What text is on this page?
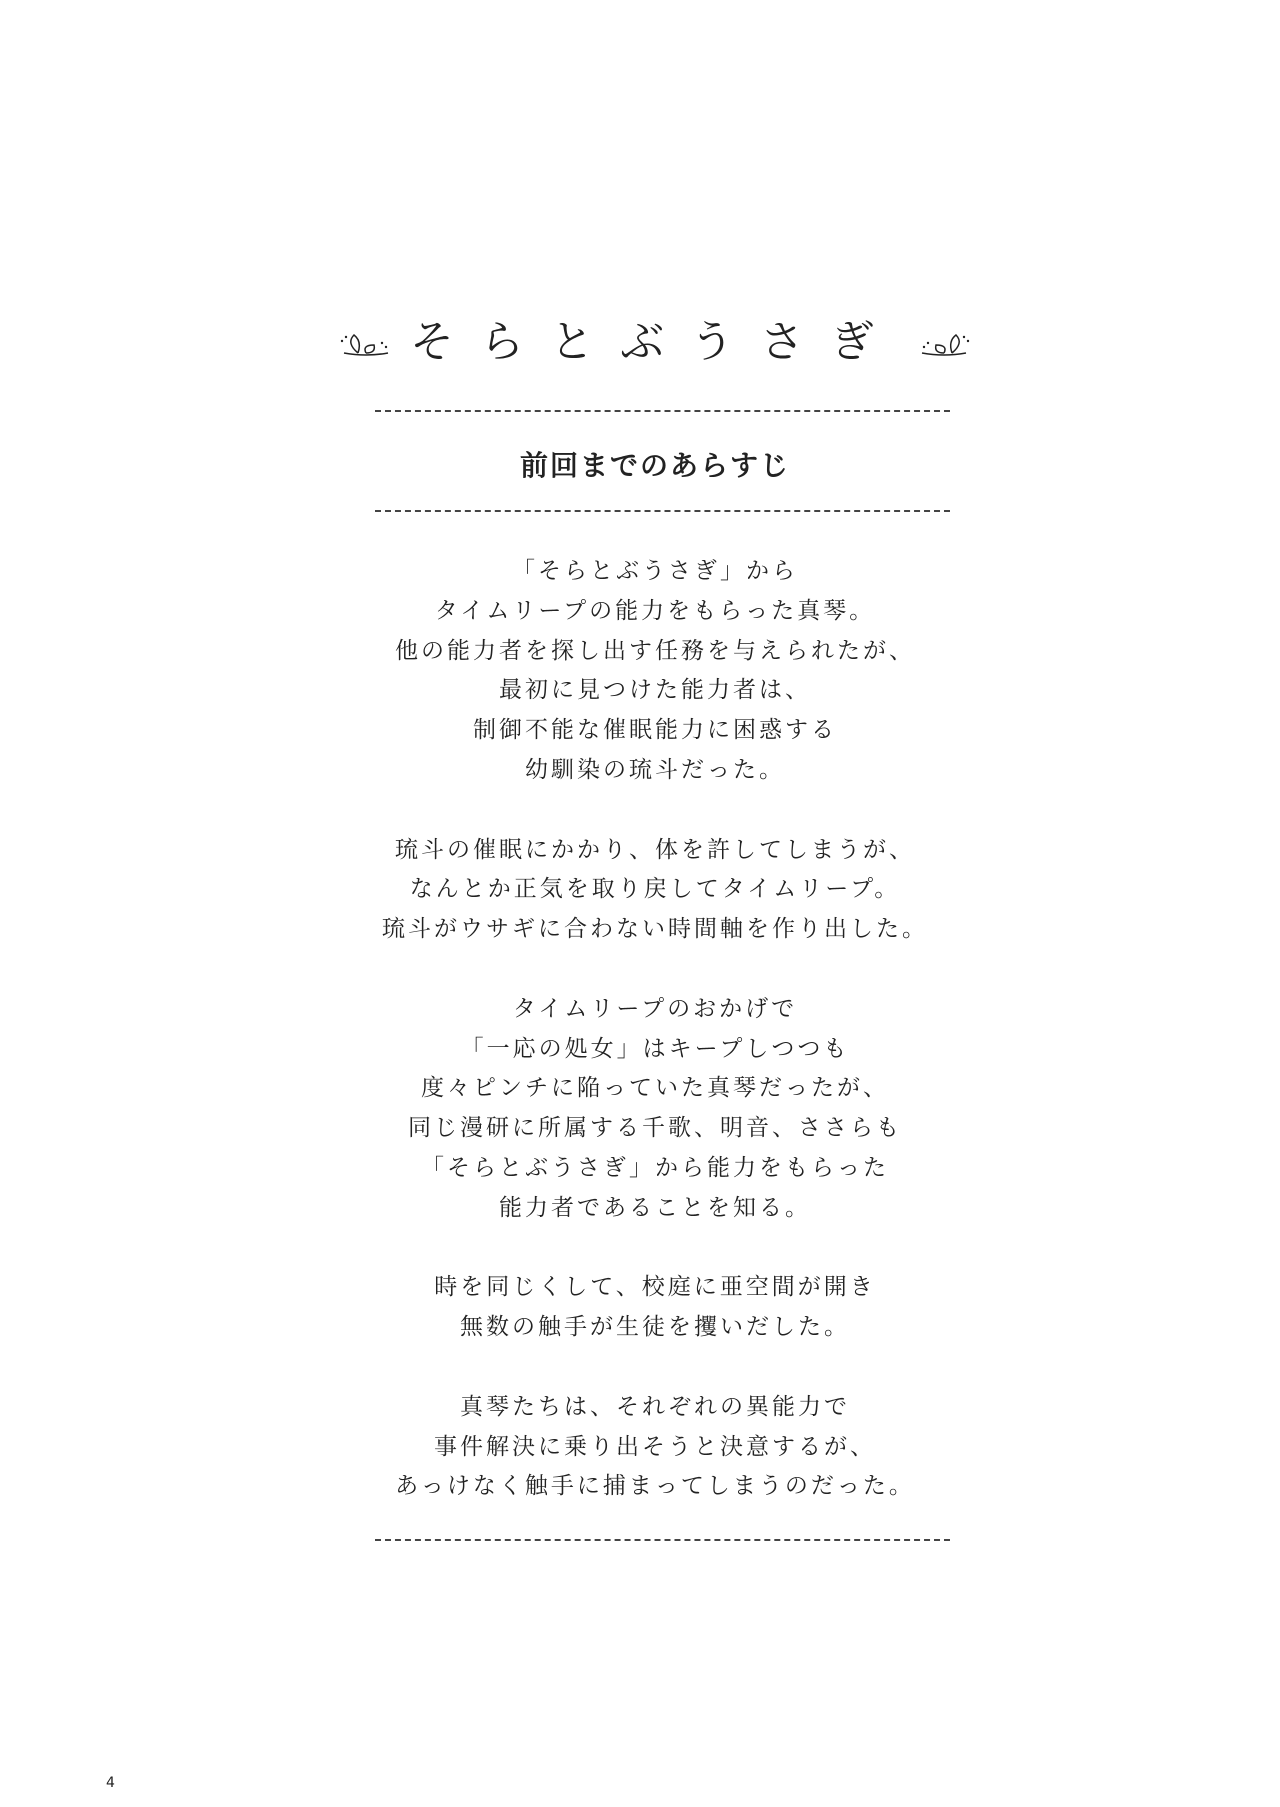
そらとぶうさぎ
前回までのあらすじ

「そらとぶうさぎ」から
タイムリープの能力をもらった真琴。
他の能力者を探し出す任務を与えられたが、
最初に見つけた能力者は、
制御不能な催眠能力に困惑する
幼馴染の琉斗だった。

琉斗の催眠にかかり、体を許してしまうが、
なんとか正気を取り戻してタイムリープ。
琉斗がウサギに合わない時間軸を作り出した。

タイムリープのおかげで
「一応の処女」はキープしつつも
度々ピンチに陥っていた真琴だったが、
同じ漫研に所属する千歌、明音、ささらも
「そらとぶうさぎ」から能力をもらった
能力者であることを知る。

時を同じくして、校庭に亜空間が開き
無数の触手が生徒を攫いだした。

真琴たちは、それぞれの異能力で
事件解決に乗り出そうと決意するが、
あっけなく触手に捕まってしまうのだった。

4
